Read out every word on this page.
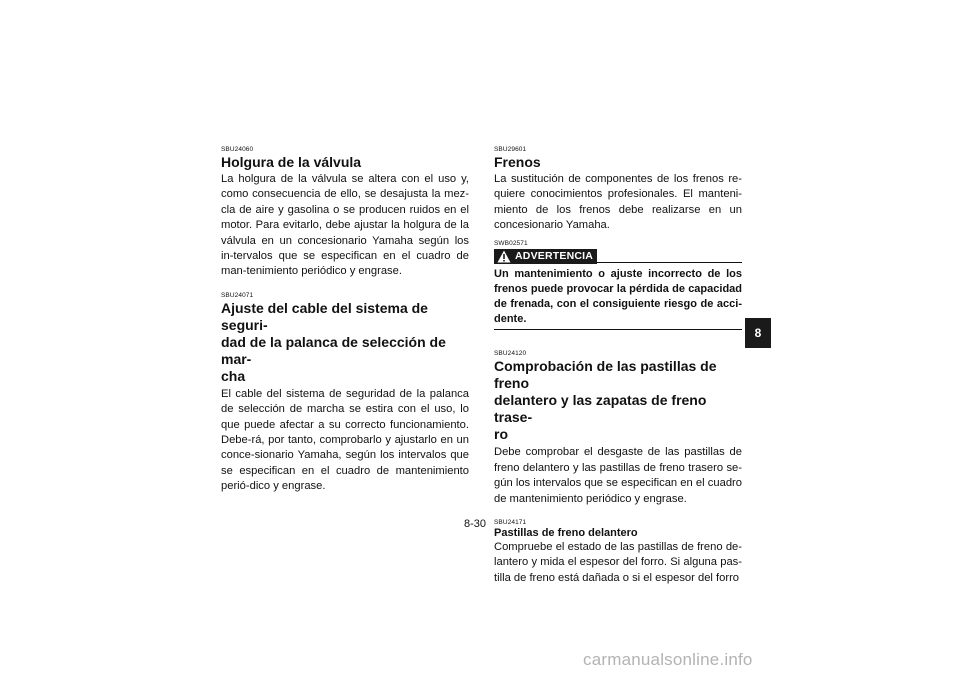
SBU24060

Holgura de la válvula

La holgura de la válvula se altera con el uso y, como consecuencia de ello, se desajusta la mez-cla de aire y gasolina o se producen ruidos en el motor. Para evitarlo, debe ajustar la holgura de la válvula en un concesionario Yamaha según los in-tervalos que se especifican en el cuadro de man-tenimiento periódico y engrase.

SBU24071

Ajuste del cable del sistema de seguri-
dad de la palanca de selección de mar-
cha

El cable del sistema de seguridad de la palanca de selección de marcha se estira con el uso, lo que puede afectar a su correcto funcionamiento. Debe-rá, por tanto, comprobarlo y ajustarlo en un conce-sionario Yamaha, según los intervalos que se especifican en el cuadro de mantenimiento perió-dico y engrase.

SBU29601

Frenos

La sustitución de componentes de los frenos re-quiere conocimientos profesionales. El manteni-miento de los frenos debe realizarse en un concesionario Yamaha.

SWB02571

ADVERTENCIA

Un mantenimiento o ajuste incorrecto de los frenos puede provocar la pérdida de capacidad de frenada, con el consiguiente riesgo de acci-dente.

SBU24120

Comprobación de las pastillas de freno
delantero y las zapatas de freno trase-
ro

Debe comprobar el desgaste de las pastillas de freno delantero y las pastillas de freno trasero se-gún los intervalos que se especifican en el cuadro de mantenimiento periódico y engrase.

SBU24171

Pastillas de freno delantero

Compruebe el estado de las pastillas de freno de-lantero y mida el espesor del forro. Si alguna pas-tilla de freno está dañada o si el espesor del forro

8
8-30
carmanualsonline.info
